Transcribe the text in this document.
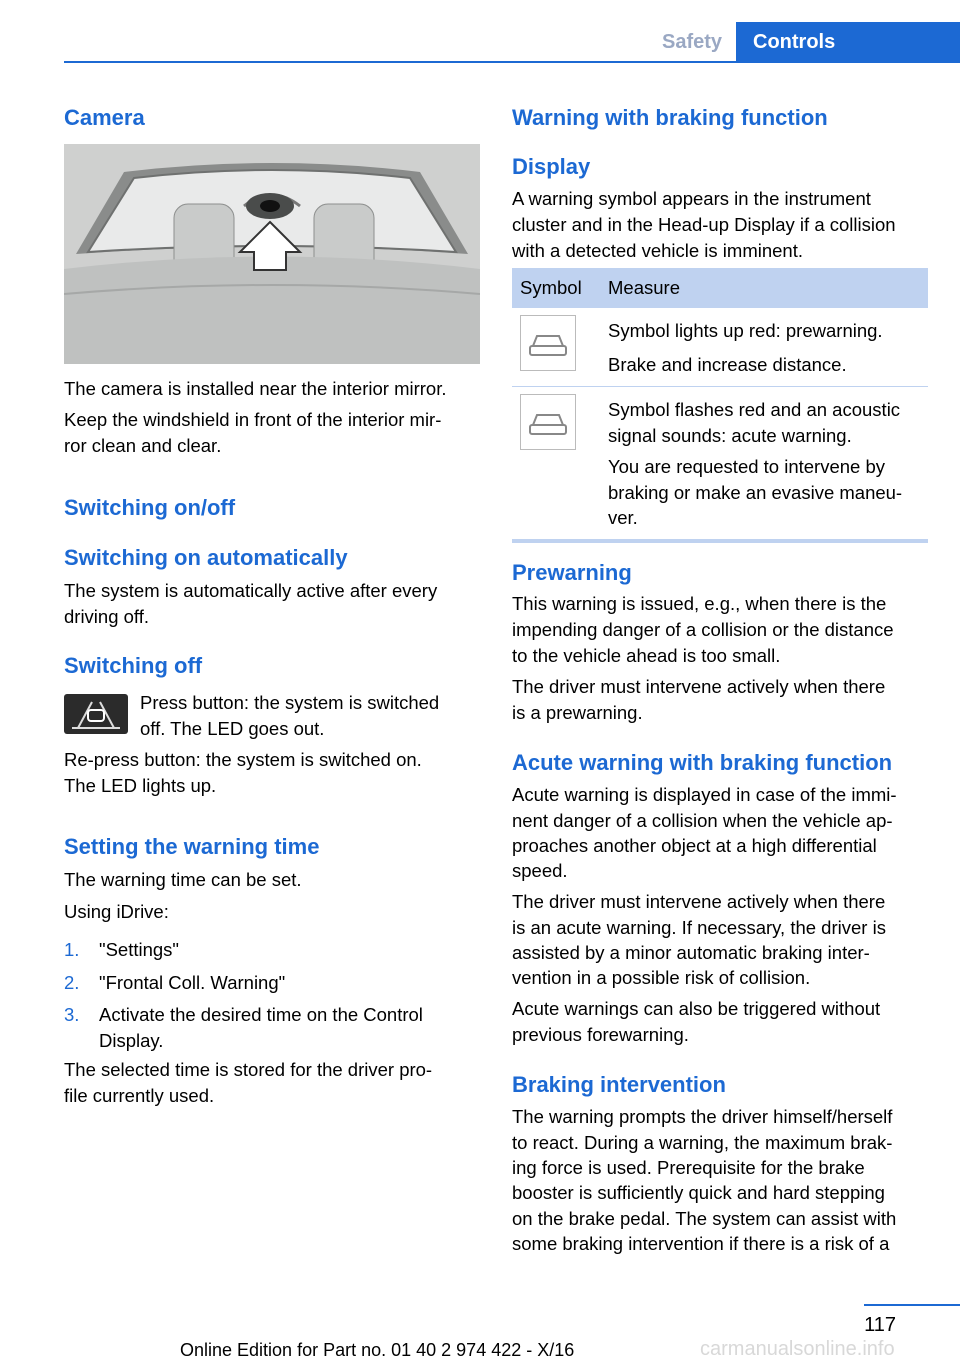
Safety	Controls
Camera

The camera is installed near the interior mirror.

Keep the windshield in front of the interior mir‐

ror clean and clear.

Switching on/off
Switching on automatically

The system is automatically active after every

driving off.

Switching off

Press button: the system is switched

off. The LED goes out.

Re-press button: the system is switched on.

The LED lights up.

Setting the warning time

The warning time can be set.

Using iDrive:

1. "Settings"
2. "Frontal Coll. Warning"
3. Activate the desired time on the Control Display.

The selected time is stored for the driver pro‐

file currently used.

Warning with braking function
Display

A warning symbol appears in the instrument

cluster and in the Head-up Display if a collision

with a detected vehicle is imminent.

Symbol	Measure

Symbol lights up red: prewarning.
Brake and increase distance.

Symbol flashes red and an acoustic
signal sounds: acute warning.
You are requested to intervene by
braking or make an evasive maneu‐
ver.
Prewarning

This warning is issued, e.g., when there is the

impending danger of a collision or the distance

to the vehicle ahead is too small.

The driver must intervene actively when there

is a prewarning.

Acute warning with braking function

Acute warning is displayed in case of the immi‐

nent danger of a collision when the vehicle ap‐

proaches another object at a high differential

speed.

The driver must intervene actively when there

is an acute warning. If necessary, the driver is

assisted by a minor automatic braking inter‐

vention in a possible risk of collision.

Acute warnings can also be triggered without

previous forewarning.

Braking intervention

The warning prompts the driver himself/herself

to react. During a warning, the maximum brak‐

ing force is used. Prerequisite for the brake

booster is sufficiently quick and hard stepping

on the brake pedal. The system can assist with

some braking intervention if there is a risk of a

117
Online Edition for Part no. 01 40 2 974 422 - X/16	carmanualsonline.info
